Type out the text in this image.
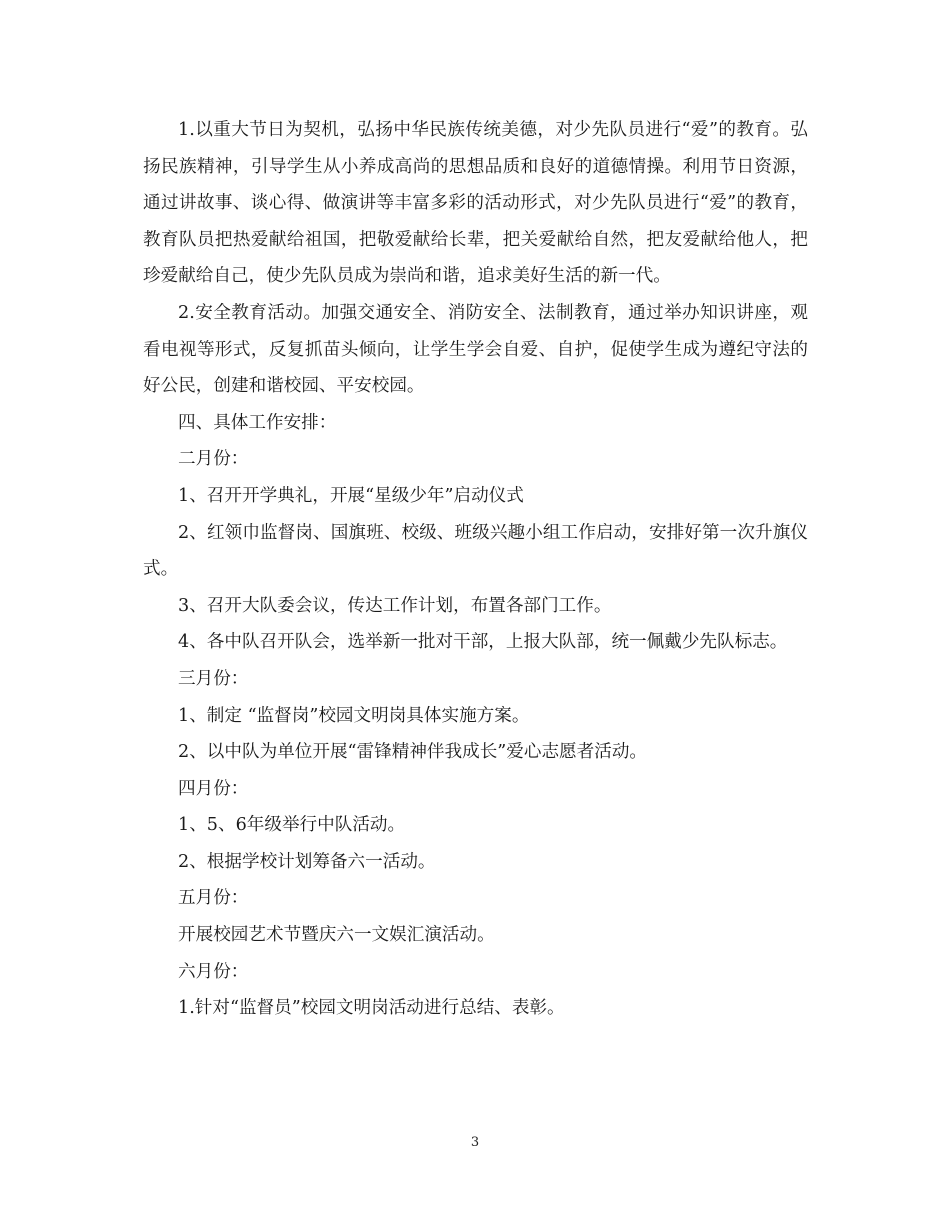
1.以重大节日为契机，弘扬中华民族传统美德，对少先队员进行“爱”的教育。弘扬民族精神，引导学生从小养成高尚的思想品质和良好的道德情操。利用节日资源，通过讲故事、谈心得、做演讲等丰富多彩的活动形式，对少先队员进行“爱”的教育，教育队员把热爱献给祖国，把敬爱献给长辈，把关爱献给自然，把友爱献给他人，把珍爱献给自己，使少先队员成为崇尚和谐，追求美好生活的新一代。

2.安全教育活动。加强交通安全、消防安全、法制教育，通过举办知识讲座，观看电视等形式，反复抓苗头倾向，让学生学会自爱、自护，促使学生成为遵纪守法的好公民，创建和谐校园、平安校园。

四、具体工作安排：

二月份：

1、召开开学典礼，开展“星级少年”启动仪式

2、红领巾监督岗、国旗班、校级、班级兴趣小组工作启动，安排好第一次升旗仪式。

3、召开大队委会议，传达工作计划，布置各部门工作。

4、各中队召开队会，选举新一批对干部，上报大队部，统一佩戴少先队标志。

三月份：

1、制定 “监督岗”校园文明岗具体实施方案。

2、以中队为单位开展“雷锋精神伴我成长”爱心志愿者活动。

四月份：

1、5、6年级举行中队活动。

2、根据学校计划筹备六一活动。

五月份：

开展校园艺术节暨庆六一文娱汇演活动。

六月份：

1.针对“监督员”校园文明岗活动进行总结、表彰。

3
